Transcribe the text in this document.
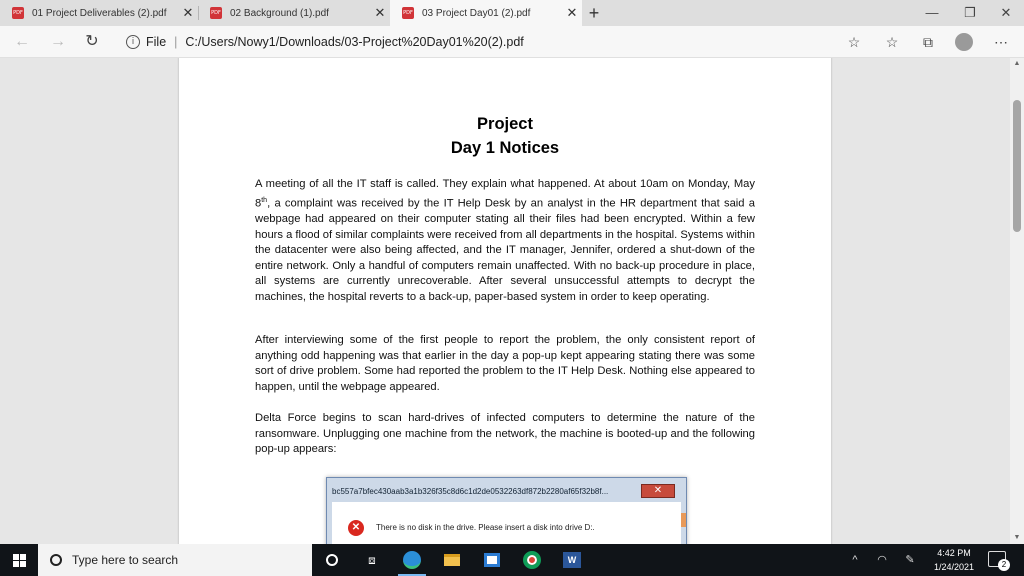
PDF 01 Project Deliverables (2).pdf	✕	PDF 02 Background (1).pdf	✕	PDF 03 Project Day01 (2).pdf	✕ +	—	❐	✕
← →	↻	i File | C:/Users/Nowy1/Downloads/03-Project%20Day01%20(2).pdf	☆	☆	⧉	⋯

Project
Day 1 Notices

A meeting of all the IT staff is called. They explain what happened. At about 10am on Monday, May 8th, a complaint was received by the IT Help Desk by an analyst in the HR department that said a webpage had appeared on their computer stating all their files had been encrypted. Within a few hours a flood of similar complaints were received from all departments in the hospital. Systems within the datacenter were also being affected, and the IT manager, Jennifer, ordered a shut-down of the entire network. Only a handful of computers remain unaffected. With no back-up procedure in place, all systems are currently unrecoverable. After several unsuccessful attempts to decrypt the machines, the hospital reverts to a back-up, paper-based system in order to keep operating.

After interviewing some of the first people to report the problem, the only consistent report of anything odd happening was that earlier in the day a pop-up kept appearing stating there was some sort of drive problem. Some had reported the problem to the IT Help Desk. Nothing else appeared to happen, until the webpage appeared.

Delta Force begins to scan hard-drives of infected computers to determine the nature of the ransomware. Unplugging one machine from the network, the machine is booted-up and the following pop-up appears:

bc557a7bfec430aab3a1b326f35c8d6c1d2de0532263df872b2280af65f32b8f...	✕
✕	There is no disk in the drive. Please insert a disk into drive D:.
▲
▼
Type here to search	⧈	W	^	◠	✎
4:42 PM
1/24/2021	2
